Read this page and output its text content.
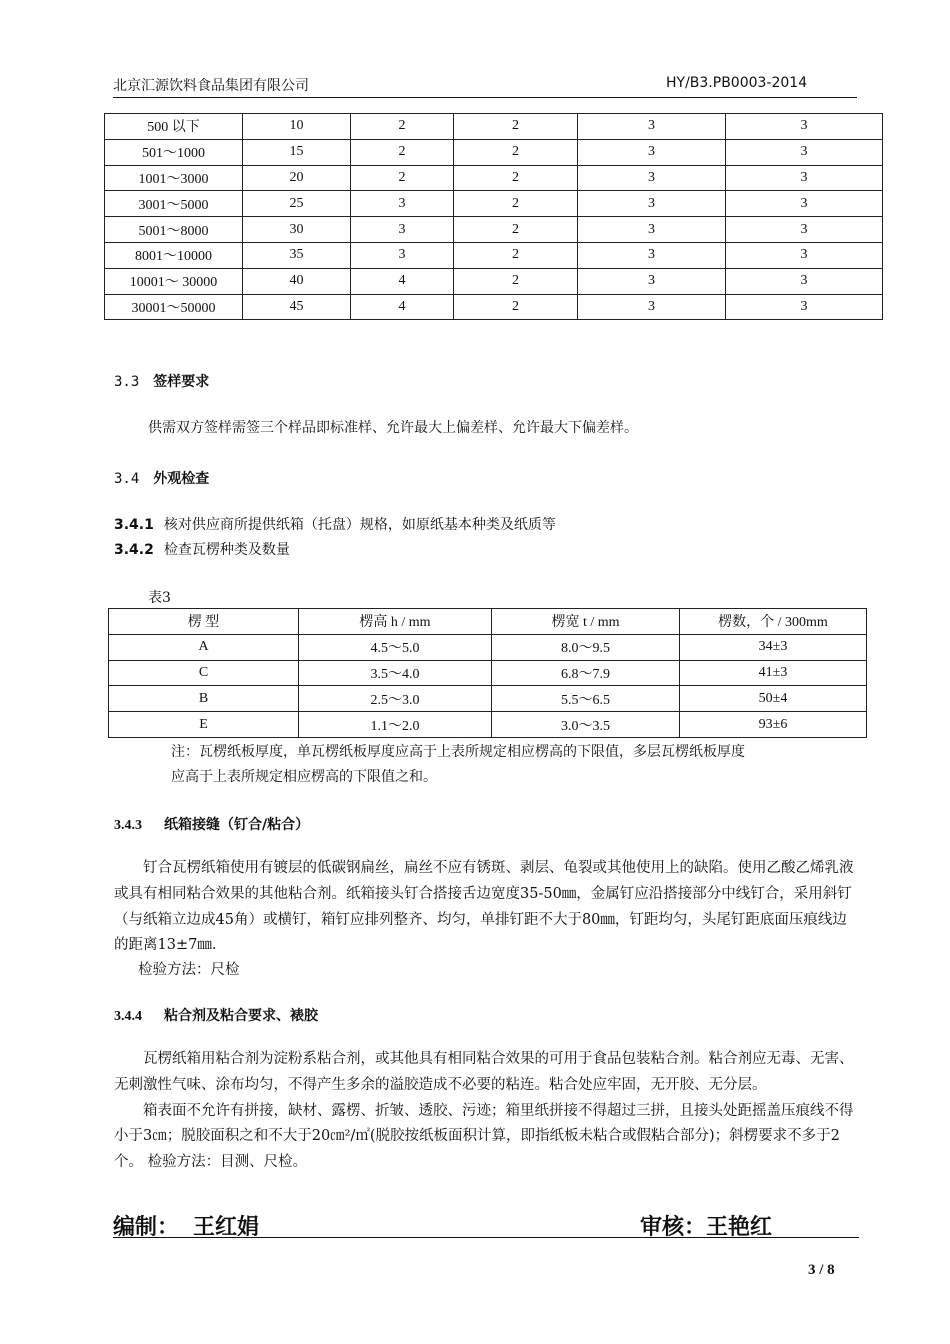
北京汇源饮料食品集团有限公司	HY/B3.PB0003-2014
500 以下	10	2	2	3	3
501～1000	15	2	2	3	3
1001～3000	20	2	2	3	3
3001～5000	25	3	2	3	3
5001～8000	30	3	2	3	3
8001～10000	35	3	2	3	3
10001～ 30000	40	4	2	3	3
30001～50000	45	4	2	3	3
3.3 签样要求
供需双方签样需签三个样品即标准样、允许最大上偏差样、允许最大下偏差样。
3.4 外观检查
3.4.1 核对供应商所提供纸箱（托盘）规格，如原纸基本种类及纸质等
3.4.2 检查瓦楞种类及数量
表3
楞 型	楞高 h / mm	楞宽 t / mm	楞数，个 / 300mm
A	4.5～5.0	8.0～9.5	34±3
C	3.5～4.0	6.8～7.9	41±3
B	2.5～3.0	5.5～6.5	50±4
E	1.1～2.0	3.0～3.5	93±6
注：瓦楞纸板厚度，单瓦楞纸板厚度应高于上表所规定相应楞高的下限值，多层瓦楞纸板厚度
应高于上表所规定相应楞高的下限值之和。
3.4.3 纸箱接缝（钉合/粘合）

钉合瓦楞纸箱使用有镀层的低碳钢扁丝，扁丝不应有锈斑、剥层、龟裂或其他使用上的缺陷。使用乙酸乙烯乳液或具有相同粘合效果的其他粘合剂。纸箱接头钉合搭接舌边宽度35-50㎜，金属钉应沿搭接部分中线钉合，采用斜钉（与纸箱立边成45角）或横钉，箱钉应排列整齐、均匀，单排钉距不大于80㎜，钉距均匀，头尾钉距底面压痕线边的距离13±7㎜.

检验方法：尺检
3.4.4 粘合剂及粘合要求、裱胶

瓦楞纸箱用粘合剂为淀粉系粘合剂，或其他具有相同粘合效果的可用于食品包装粘合剂。粘合剂应无毒、无害、无刺激性气味、涂布均匀，不得产生多余的溢胶造成不必要的粘连。粘合处应牢固，无开胶、无分层。

箱表面不允许有拼接，缺材、露楞、折皱、透胶、污迹；箱里纸拼接不得超过三拼，且接头处距摇盖压痕线不得小于3㎝；脱胶面积之和不大于20㎝²/㎡(脱胶按纸板面积计算，即指纸板未粘合或假粘合部分)；斜楞要求不多于2个。 检验方法：目测、尺检。

编制： 王红娟	审核：王艳红
3 / 8
